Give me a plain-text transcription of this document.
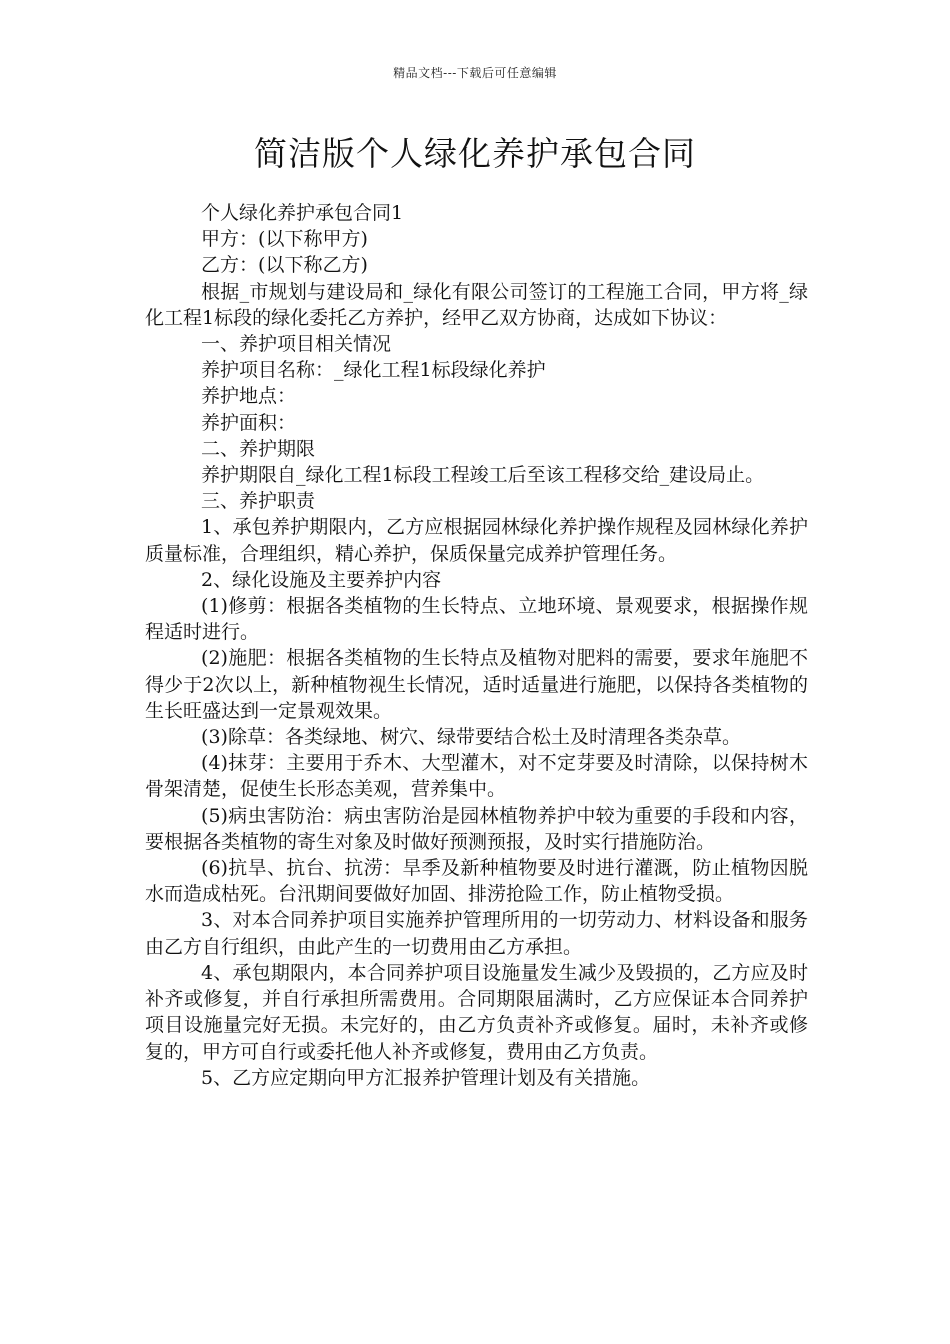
精品文档---下载后可任意编辑
简洁版个人绿化养护承包合同

个人绿化养护承包合同1

甲方：(以下称甲方)

乙方：(以下称乙方)

根据_市规划与建设局和_绿化有限公司签订的工程施工合同，甲方将_绿化工程1标段的绿化委托乙方养护，经甲乙双方协商，达成如下协议：

一、养护项目相关情况

养护项目名称：_绿化工程1标段绿化养护

养护地点：

养护面积：

二、养护期限

养护期限自_绿化工程1标段工程竣工后至该工程移交给_建设局止。

三、养护职责

1、承包养护期限内，乙方应根据园林绿化养护操作规程及园林绿化养护质量标准，合理组织，精心养护，保质保量完成养护管理任务。

2、绿化设施及主要养护内容

(1)修剪：根据各类植物的生长特点、立地环境、景观要求，根据操作规程适时进行。

(2)施肥：根据各类植物的生长特点及植物对肥料的需要，要求年施肥不得少于2次以上，新种植物视生长情况，适时适量进行施肥，以保持各类植物的生长旺盛达到一定景观效果。

(3)除草：各类绿地、树穴、绿带要结合松土及时清理各类杂草。

(4)抹芽：主要用于乔木、大型灌木，对不定芽要及时清除，以保持树木骨架清楚，促使生长形态美观，营养集中。

(5)病虫害防治：病虫害防治是园林植物养护中较为重要的手段和内容，要根据各类植物的寄生对象及时做好预测预报，及时实行措施防治。

(6)抗旱、抗台、抗涝：旱季及新种植物要及时进行灌溉，防止植物因脱水而造成枯死。台汛期间要做好加固、排涝抢险工作，防止植物受损。

3、对本合同养护项目实施养护管理所用的一切劳动力、材料设备和服务由乙方自行组织，由此产生的一切费用由乙方承担。

4、承包期限内，本合同养护项目设施量发生减少及毁损的，乙方应及时补齐或修复，并自行承担所需费用。合同期限届满时，乙方应保证本合同养护项目设施量完好无损。未完好的，由乙方负责补齐或修复。届时，未补齐或修复的，甲方可自行或委托他人补齐或修复，费用由乙方负责。

5、乙方应定期向甲方汇报养护管理计划及有关措施。
